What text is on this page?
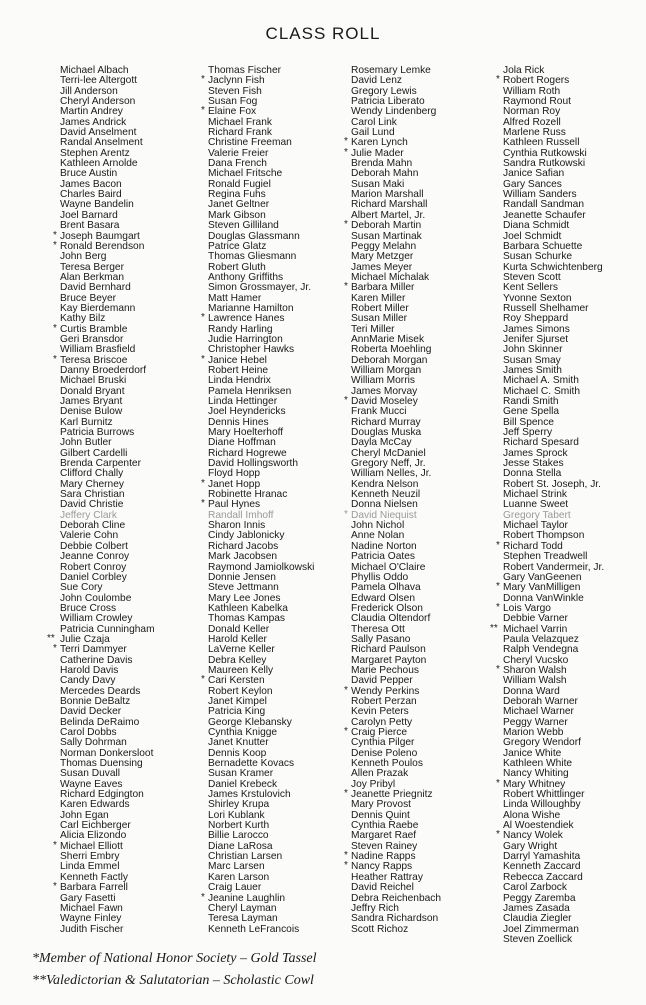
CLASS ROLL
Michael Albach
Terri-lee Altergott
Jill Anderson
Cheryl Anderson
Martin Andrey
James Andrick
David Anselment
Randal Anselment
Stephen Arentz
Kathleen Arnolde
Bruce Austin
James Bacon
Charles Baird
Wayne Bandelin
Joel Barnard
Brent Basara
* Joseph Baumgart
* Ronald Berendson
John Berg
Teresa Berger
Alan Berkman
David Bernhard
Bruce Beyer
Kay Bierdemann
Kathy Bilz
* Curtis Bramble
Geri Bransdor
William Brasfield
* Teresa Briscoe
Danny Broederdorf
Michael Bruski
Donald Bryant
James Bryant
Denise Bulow
Karl Burnitz
Patricia Burrows
John Butler
Gilbert Cardelli
Brenda Carpenter
Clifford Chally
Mary Cherney
Sara Christian
David Christie
Jeffery Clark
Deborah Cline
Valerie Cohn
Debbie Colbert
Jeanne Conroy
Robert Conroy
Daniel Corbley
Sue Cory
John Coulombe
Bruce Cross
William Crowley
Patricia Cunningham
** Julie Czaja
* Terri Dammyer
Catherine Davis
Harold Davis
Candy Davy
Mercedes Deards
Bonnie DeBaltz
David Decker
Belinda DeRaimo
Carol Dobbs
Sally Dohrman
Norman Donkersloot
Thomas Duensing
Susan Duvall
Wayne Eaves
Richard Edgington
Karen Edwards
John Egan
Carl Eichberger
Alicia Elizondo
* Michael Elliott
Sherri Embry
Linda Emmel
Kenneth Factly
* Barbara Farrell
Gary Fasetti
Michael Fawn
Wayne Finley
Judith Fischer
Thomas Fischer
* Jaclynn Fish
Steven Fish
Susan Fog
* Elaine Fox
Michael Frank
Richard Frank
Christine Freeman
Valerie Freier
Dana French
Michael Fritsche
Ronald Fugiel
Regina Fuhs
Janet Geltner
Mark Gibson
Steven Gilliland
Douglas Glassmann
Patrice Glatz
Thomas Gliesmann
Robert Gluth
Anthony Griffiths
Simon Grossmayer, Jr.
Matt Hamer
Marianne Hamilton
* Lawrence Hanes
Randy Harling
Judie Harrington
Christopher Hawks
* Janice Hebel
Robert Heine
Linda Hendrix
Pamela Henriksen
Linda Hettinger
Joel Heyndericks
Dennis Hines
Mary Hoelterhoff
Diane Hoffman
Richard Hogrewe
David Hollingsworth
Floyd Hopp
* Janet Hopp
Robinette Hranac
* Paul Hynes
Randall Imhoff
Sharon Innis
Cindy Jablonicky
Richard Jacobs
Mark Jacobsen
Raymond Jamiolkowski
Donnie Jensen
Steve Jettmann
Mary Lee Jones
Kathleen Kabelka
Thomas Kampas
Donald Keller
Harold Keller
LaVerne Keller
Debra Kelley
Maureen Kelly
* Cari Kersten
Robert Keylon
Janet Kimpel
Patricia King
George Klebansky
Cynthia Knigge
Janet Knutter
Dennis Koop
Bernadette Kovacs
Susan Kramer
Daniel Krebeck
James Krstulovich
Shirley Krupa
Lori Kublank
Norbert Kurth
Billie Larocco
Diane LaRosa
Christian Larsen
Marc Larsen
Karen Larson
Craig Lauer
* Jeanine Laughlin
Cheryl Layman
Teresa Layman
Kenneth LeFrancois
Rosemary Lemke
David Lenz
Gregory Lewis
Patricia Liberato
Wendy Lindenberg
Carol Link
Gail Lund
* Karen Lynch
* Julie Mader
Brenda Mahn
Deborah Mahn
Susan Maki
Marion Marshall
Richard Marshall
Albert Martel, Jr.
* Deborah Martin
Susan Martinak
Peggy Melahn
Mary Metzger
James Meyer
Michael Michalak
* Barbara Miller
Karen Miller
Robert Miller
Susan Miller
Teri Miller
AnnMarie Misek
Roberta Moehling
Deborah Morgan
William Morgan
William Morris
James Morvay
* David Moseley
Frank Mucci
Richard Murray
Douglas Muska
Dayla McCay
Cheryl McDaniel
Gregory Neff, Jr.
William Nelles, Jr.
Kendra Nelson
Kenneth Neuzil
Donna Nielsen
* David Niequist
John Nichol
Anne Nolan
Nadine Norton
Patricia Oates
Michael O'Claire
Phyllis Oddo
Pamela Olhava
Edward Olsen
Frederick Olson
Claudia Oltendorf
Theresa Ott
Sally Pasano
Richard Paulson
Margaret Payton
Marie Pechous
David Pepper
* Wendy Perkins
Robert Perzan
Kevin Peters
Carolyn Petty
* Craig Pierce
Cynthia Pilger
Denise Poleno
Kenneth Poulos
Allen Prazak
Joy Pribyl
* Jeanette Priegnitz
Mary Provost
Dennis Quint
Cynthia Raebe
Margaret Raef
Steven Rainey
* Nadine Rapps
* Nancy Rapps
Heather Rattray
David Reichel
Debra Reichenbach
Jeffry Rich
Sandra Richardson
Scott Richoz
Jola Rick
* Robert Rogers
William Roth
Raymond Rout
Norman Roy
Alfred Rozell
Marlene Russ
Kathleen Russell
Cynthia Rutkowski
Sandra Rutkowski
Janice Safian
Gary Sances
William Sanders
Randall Sandman
Jeanette Schaufer
Diana Schmidt
Joel Schmidt
Barbara Schuette
Susan Schurke
Kurta Schwichtenberg
Steven Scott
Kent Sellers
Yvonne Sexton
Russell Shelhamer
Roy Sheppard
James Simons
Jenifer Sjurset
John Skinner
Susan Smay
James Smith
Michael A. Smith
Michael C. Smith
Randi Smith
Gene Spella
Bill Spence
Jeff Sperry
Richard Spesard
James Sprock
Jesse Stakes
Donna Stella
Robert St. Joseph, Jr.
Michael Strink
Luanne Sweet
Gregory Tabert
Michael Taylor
Robert Thompson
* Richard Todd
Stephen Treadwell
Robert Vandermeir, Jr.
Gary VanGeenen
* Mary VanMilligen
Donna VanWinkle
* Lois Vargo
Debbie Varner
** Michael Varrin
Paula Velazquez
Ralph Vendegna
Cheryl Vucsko
* Sharon Walsh
William Walsh
Donna Ward
Deborah Warner
Michael Warner
Peggy Warner
Marion Webb
Gregory Wendorf
Janice White
Kathleen White
Nancy Whiting
* Mary Whitney
Robert Whittlinger
Linda Willoughby
Alona Wishe
Al Woestendiek
* Nancy Wolek
Gary Wright
Darryl Yamashita
Kenneth Zaccard
Rebecca Zaccard
Carol Zarbock
Peggy Zaremba
James Zasada
Claudia Ziegler
Joel Zimmerman
Steven Zoellick
*Member of National Honor Society – Gold Tassel
**Valedictorian & Salutatorian – Scholastic Cowl
